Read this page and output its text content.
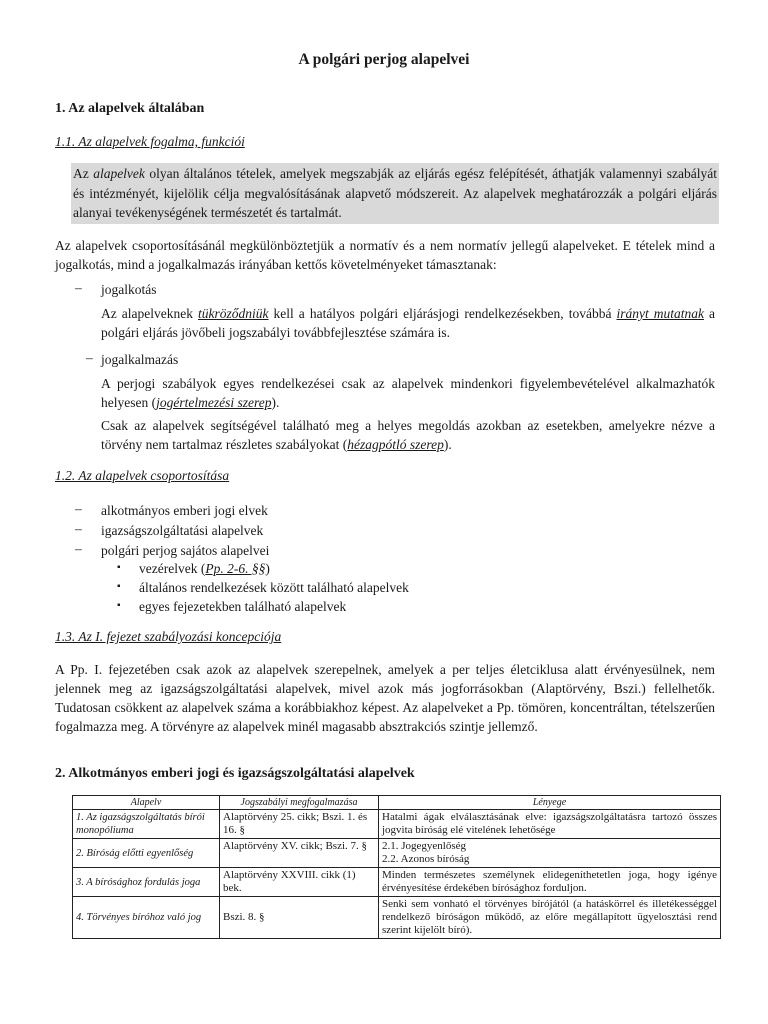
A polgári perjog alapelvei
1. Az alapelvek általában
1.1. Az alapelvek fogalma, funkciói
Az alapelvek olyan általános tételek, amelyek megszabják az eljárás egész felépítését, áthatják valamennyi szabályát és intézményét, kijelölik célja megvalósításának alapvető módszereit. Az alapelvek meghatározzák a polgári eljárás alanyai tevékenységének természetét és tartalmát.
Az alapelvek csoportosításánál megkülönböztetjük a normatív és a nem normatív jellegű alapelveket. E tételek mind a jogalkotás, mind a jogalkalmazás irányában kettős követelményeket támasztanak:
– jogalkotás
Az alapelveknek tükröződniük kell a hatályos polgári eljárásjogi rendelkezésekben, továbbá irányt mutatnak a polgári eljárás jövőbeli jogszabályi továbbfejlesztése számára is.
– jogalkalmazás
A perjogi szabályok egyes rendelkezései csak az alapelvek mindenkori figyelembevételével alkalmazhatók helyesen (jogértelmezési szerep).
Csak az alapelvek segítségével található meg a helyes megoldás azokban az esetekben, amelyekre nézve a törvény nem tartalmaz részletes szabályokat (hézagpótló szerep).
1.2. Az alapelvek csoportosítása
– alkotmányos emberi jogi elvek
– igazságszolgáltatási alapelvek
– polgári perjog sajátos alapelvei
▪ vezérelvek (Pp. 2-6. §§)
▪ általános rendelkezések között található alapelvek
▪ egyes fejezetekben található alapelvek
1.3. Az I. fejezet szabályozási koncepciója
A Pp. I. fejezetében csak azok az alapelvek szerepelnek, amelyek a per teljes életciklusa alatt érvényesülnek, nem jelennek meg az igazságszolgáltatási alapelvek, mivel azok más jogforrásokban (Alaptörvény, Bszi.) fellelhetők. Tudatosan csökkent az alapelvek száma a korábbiakhoz képest. Az alapelveket a Pp. tömören, koncentráltan, tételszerűen fogalmazza meg. A törvényre az alapelvek minél magasabb absztrakciós szintje jellemző.
2. Alkotmányos emberi jogi és igazságszolgáltatási alapelvek
Alapelv	Jogszabályi megfogalmazása	Lényege
1. Az igazságszolgáltatás bírói monopóliuma	Alaptörvény 25. cikk; Bszi. 1. és 16. §	Hatalmi ágak elválasztásának elve: igazságszolgáltatásra tartozó összes jogvita bíróság elé vitelének lehetősége
2. Bíróság előtti egyenlőség	Alaptörvény XV. cikk; Bszi. 7. §	2.1. Jogegyenlőség
2.2. Azonos bíróság
3. A bírósághoz fordulás joga	Alaptörvény XXVIII. cikk (1) bek.	Minden természetes személynek elidegeníthetetlen joga, hogy igénye érvényesítése érdekében bírósághoz forduljon.
4. Törvényes bíróhoz való jog	Bszi. 8. §	Senki sem vonható el törvényes bírójától (a hatáskörrel és illetékességgel rendelkező bíróságon működő, az előre megállapított ügyelosztási rend szerint kijelölt bíró).
